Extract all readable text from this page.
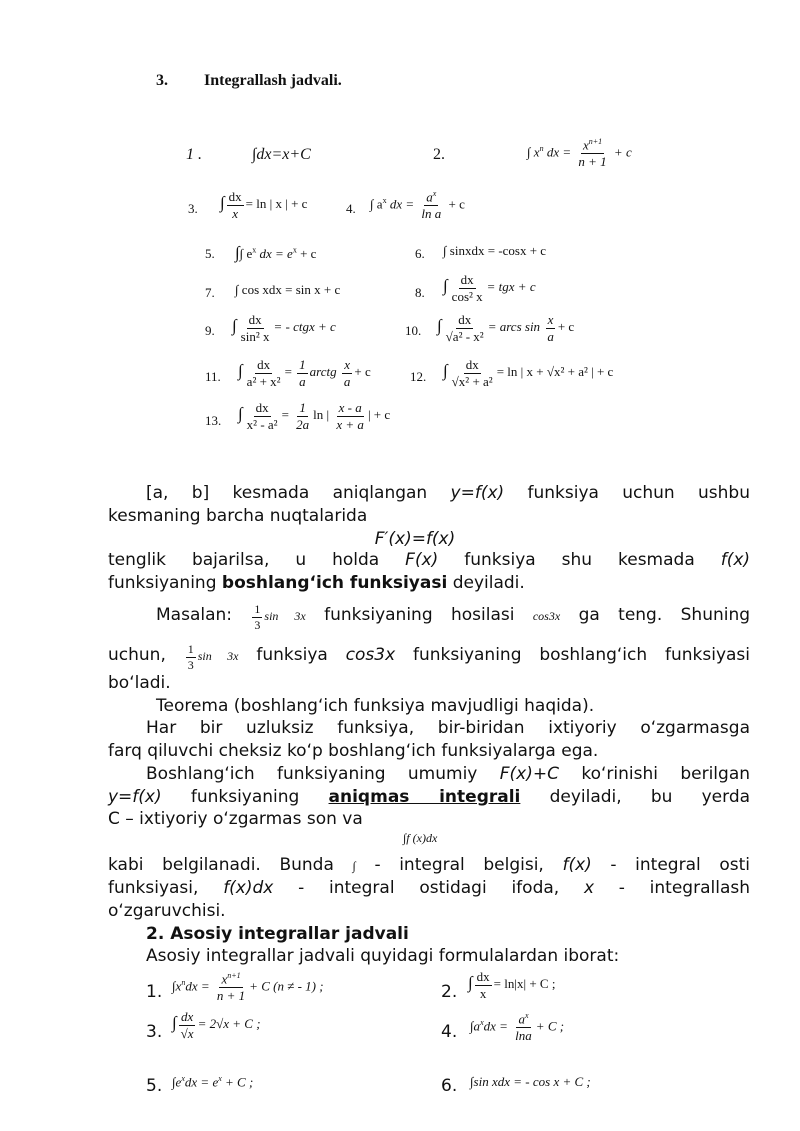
3. Integrallash jadvali.
1 .	∫dx=x+C	2.	∫ $x^n$ dx = $\frac{x^{n+1}}{n + 1} + c$
3. ∫ $\frac{dx}{x} = \ln$ | x | + c	4. ∫ $a^x$ dx = $\frac{a^x}{\text{ln a}} + c$
5. ∫∫ $e^x$ dx = $e^x + c$	6. ∫ sinxdx = -cosx + c
7. ∫ cos xdx = sin x + c	8. ∫ $\frac{dx}{\text{cos² x}}$ = tgx + c
9. ∫ $\frac{dx}{\text{sin² x}}$ = - ctgx + c	10. ∫ $\frac{dx}{\text{√a² - x²}}$ = arcs $\sin \frac{x}{a} + c$
11. ∫ $\frac{dx}{\text{a² + x²}} = \frac{1}{a}$ arctg $\frac{x}{a} + c$	12. ∫ $\frac{dx}{\text{√x² + a²}} = \ln$ | x + √x² + a² | + c
13. ∫ $\frac{dx}{\text{x² - a²}} = \frac{1}{2a}$ ln | $\frac{x - a}{x + a}$ | + c
[a, b] kesmada aniqlangan y=f(x) funksiya uchun ushbu
kesmaning barcha nuqtalarida
F′(x)=f(x)
tenglik bajarilsa, u holda F(x) funksiya shu kesmada f(x)
funksiyaning boshlang‘ich funksiyasi deyiladi.
Masalan: $\frac{1}{3}$ sin 3x funksiyaning hosilasi cos3x ga teng. Shuning
uchun, $\frac{1}{3}$ sin 3x funksiya cos3x funksiyaning boshlang‘ich funksiyasi
bo‘ladi.
Teorema (boshlang‘ich funksiya mavjudligi haqida).
Har bir uzluksiz funksiya, bir-biridan ixtiyoriy o‘zgarmasga
farq qiluvchi cheksiz ko‘p boshlang‘ich funksiyalarga ega.
Boshlang‘ich funksiyaning umumiy F(x)+C ko‘rinishi berilgan
y=f(x) funksiyaning aniqmas integrali deyiladi, bu yerda
C – ixtiyoriy o‘zgarmas son va
∫f (x)dx
kabi belgilanadi. Bunda ∫ - integral belgisi, f(x) - integral osti
funksiyasi, f(x)dx - integral ostidagi ifoda, x - integrallash
o‘zgaruvchisi.
2. Asosiy integrallar jadvali
Asosiy integrallar jadvali quyidagi formulalardan iborat:
1. $\int x^ndx = \frac{x^{n+1}}{n + 1} + C$ (n ≠ - 1) ;	2. ∫ $\frac{dx}{x} = \ln|x| + C$ ;
3. ∫ $\frac{dx}{√x} = 2√x + C$ ;	4. $\int a^xdx = \frac{a^x}{\ln a} + C$ ;
5. $\int e^xdx = e^x + C$ ;	6. ∫sin xdx = - cos x + C ;
